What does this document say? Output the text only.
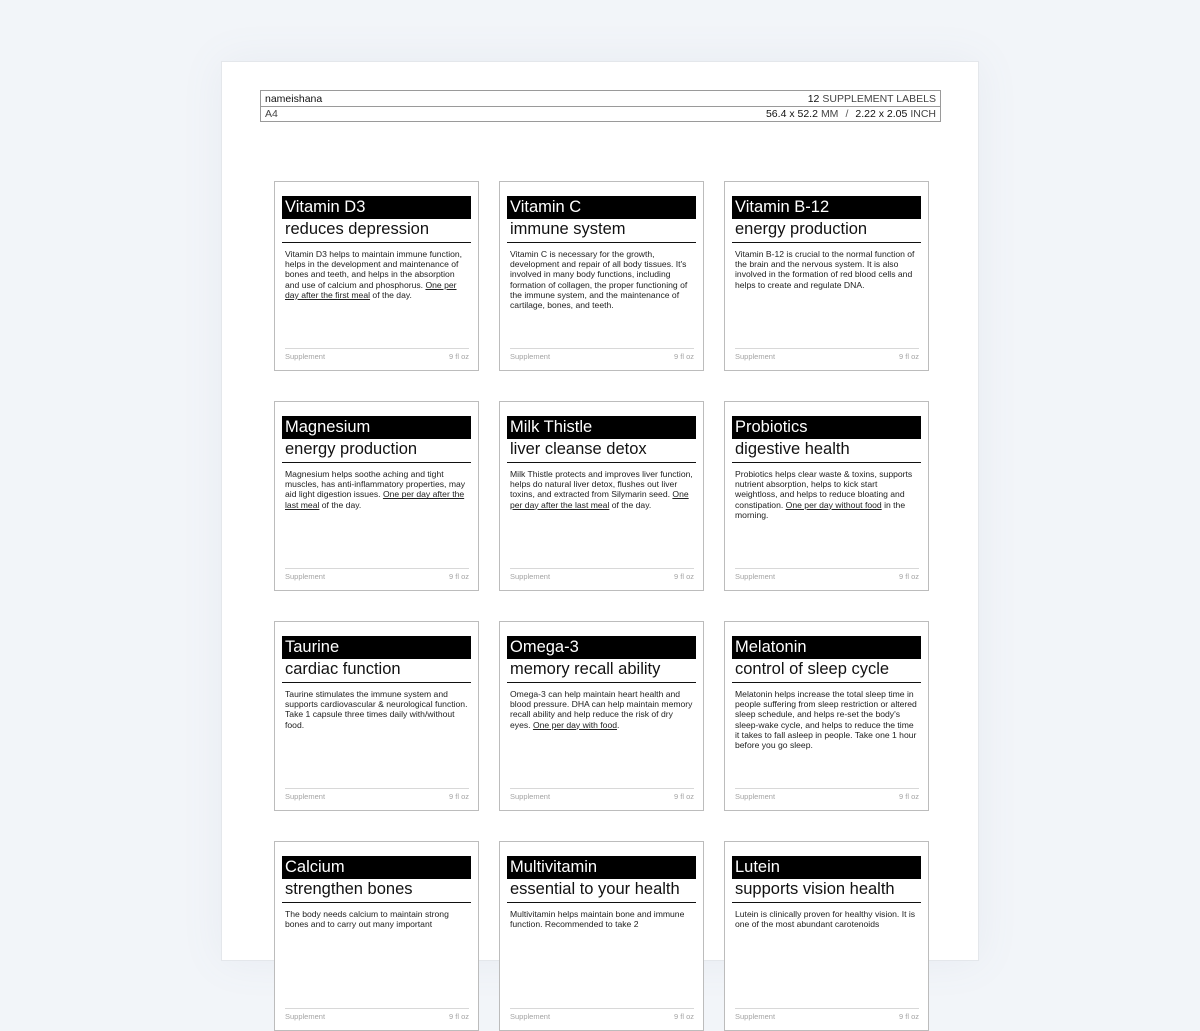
nameishana	12 SUPPLEMENT LABELS
A4	56.4 x 52.2 MM / 2.22 x 2.05 INCH
Vitamin D3
reduces depression
Vitamin D3 helps to maintain immune function, helps in the development and maintenance of bones and teeth, and helps in the absorption and use of calcium and phosphorus. One per day after the first meal of the day.
Supplement	9 fl oz
Vitamin C
immune system
Vitamin C is necessary for the growth, development and repair of all body tissues. It's involved in many body functions, including formation of collagen, the proper functioning of the immune system, and the maintenance of cartilage, bones, and teeth.
Supplement	9 fl oz
Vitamin B-12
energy production
Vitamin B-12 is crucial to the normal function of the brain and the nervous system. It is also involved in the formation of red blood cells and helps to create and regulate DNA.
Supplement	9 fl oz
Magnesium
energy production
Magnesium helps soothe aching and tight muscles, has anti-inflammatory properties, may aid light digestion issues. One per day after the last meal of the day.
Supplement	9 fl oz
Milk Thistle
liver cleanse detox
Milk Thistle protects and improves liver function, helps do natural liver detox, flushes out liver toxins, and extracted from Silymarin seed. One per day after the last meal of the day.
Supplement	9 fl oz
Probiotics
digestive health
Probiotics helps clear waste & toxins, supports nutrient absorption, helps to kick start weightloss, and helps to reduce bloating and constipation. One per day without food in the morning.
Supplement	9 fl oz
Taurine
cardiac function
Taurine stimulates the immune system and supports cardiovascular & neurological function. Take 1 capsule three times daily with/without food.
Supplement	9 fl oz
Omega-3
memory recall ability
Omega-3 can help maintain heart health and blood pressure. DHA can help maintain memory recall ability and help reduce the risk of dry eyes. One per day with food.
Supplement	9 fl oz
Melatonin
control of sleep cycle
Melatonin helps increase the total sleep time in people suffering from sleep restriction or altered sleep schedule, and helps re-set the body's sleep-wake cycle, and helps to reduce the time it takes to fall asleep in people. Take one 1 hour before you go sleep.
Supplement	9 fl oz
Calcium
strengthen bones
The body needs calcium to maintain strong bones and to carry out many important
Supplement	9 fl oz
Multivitamin
essential to your health
Multivitamin helps maintain bone and immune function. Recommended to take 2
Supplement	9 fl oz
Lutein
supports vision health
Lutein is clinically proven for healthy vision. It is one of the most abundant carotenoids
Supplement	9 fl oz
